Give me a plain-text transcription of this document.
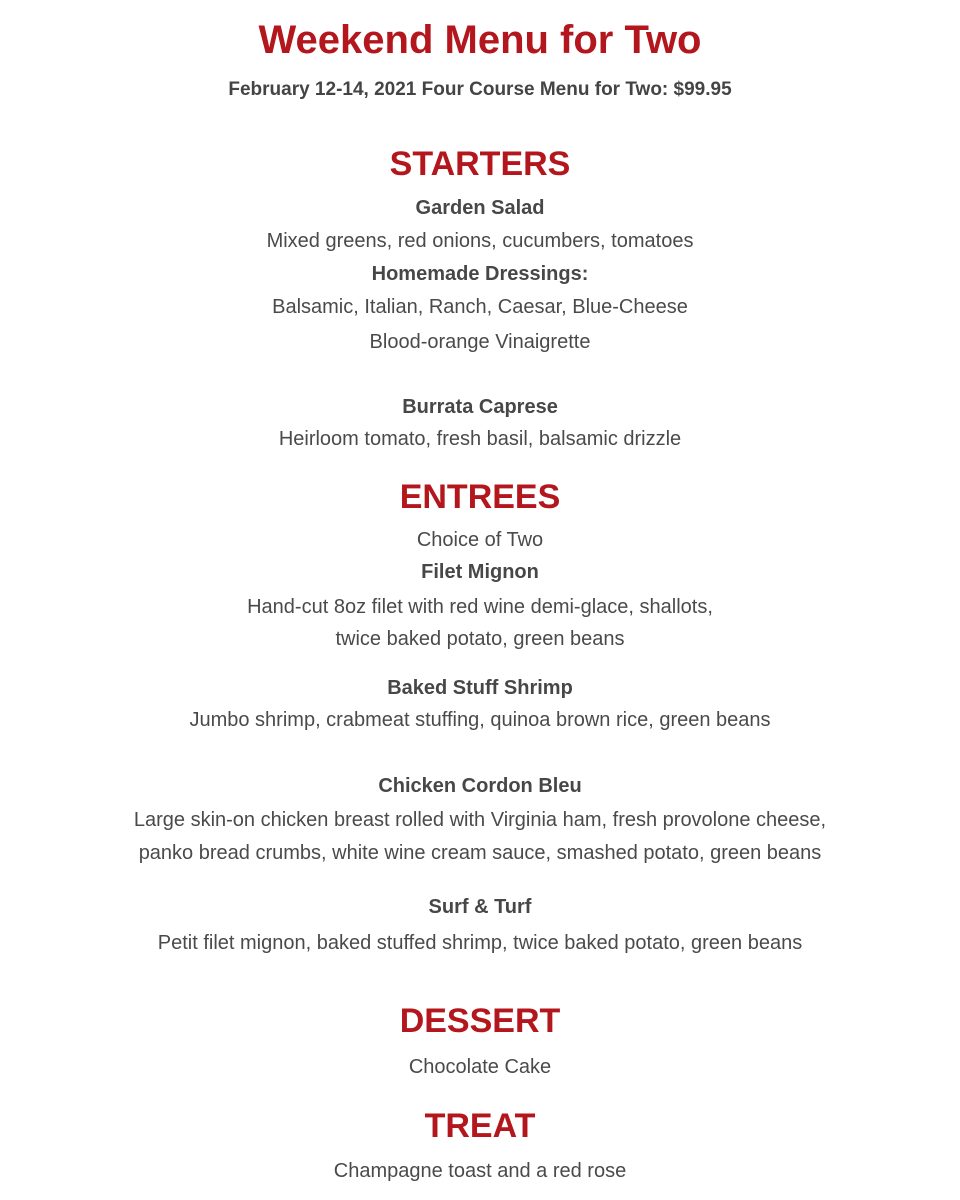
Weekend Menu for Two
February 12-14, 2021 Four Course Menu for Two: $99.95
STARTERS
Garden Salad
Mixed greens, red onions, cucumbers, tomatoes
Homemade Dressings:
Balsamic, Italian, Ranch, Caesar, Blue-Cheese
Blood-orange Vinaigrette
Burrata Caprese
Heirloom tomato, fresh basil, balsamic drizzle
ENTREES
Choice of Two
Filet Mignon
Hand-cut 8oz filet with red wine demi-glace, shallots,
twice baked potato, green beans
Baked Stuff Shrimp
Jumbo shrimp, crabmeat stuffing, quinoa brown rice, green beans
Chicken Cordon Bleu
Large skin-on chicken breast rolled with Virginia ham, fresh provolone cheese,
panko bread crumbs, white wine cream sauce, smashed potato, green beans
Surf & Turf
Petit filet mignon, baked stuffed shrimp, twice baked potato, green beans
DESSERT
Chocolate Cake
TREAT
Champagne toast and a red rose
